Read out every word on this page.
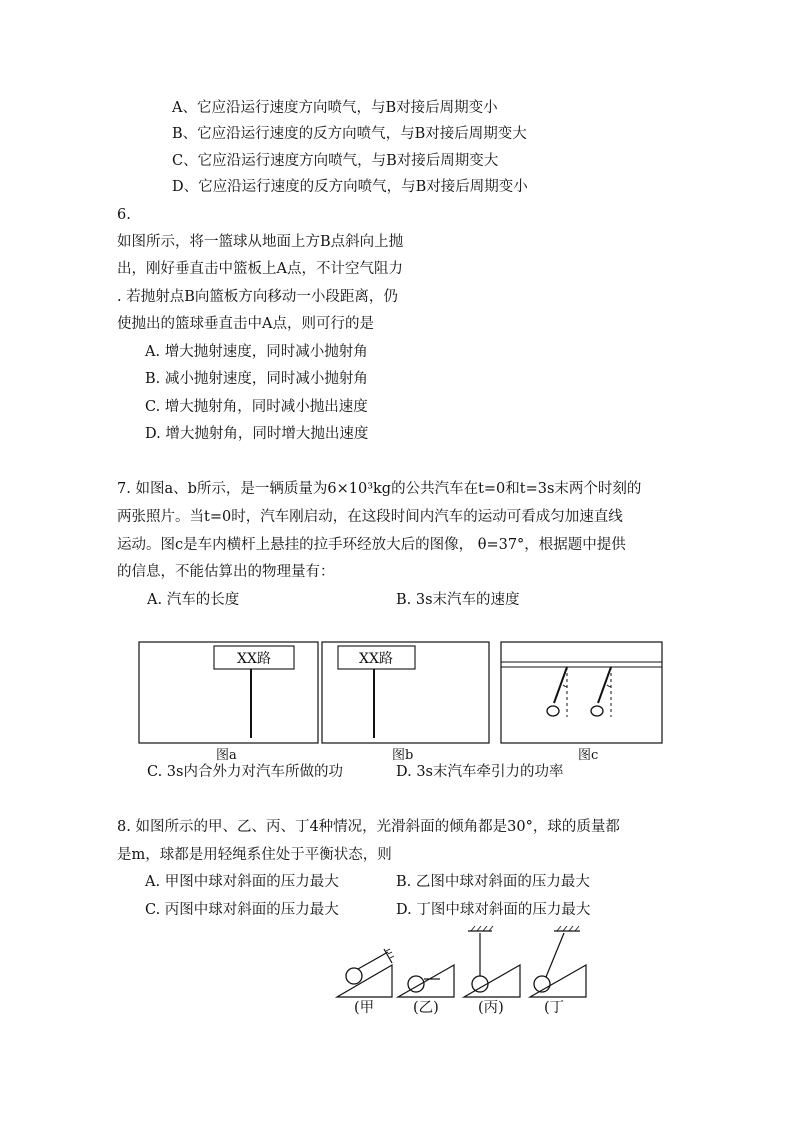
A、它应沿运行速度方向喷气，与B对接后周期变小
B、它应沿运行速度的反方向喷气，与B对接后周期变大
C、它应沿运行速度方向喷气，与B对接后周期变大
D、它应沿运行速度的反方向喷气，与B对接后周期变小
6.
如图所示，将一篮球从地面上方B点斜向上抛
出，刚好垂直击中篮板上A点，不计空气阻力
. 若抛射点B向篮板方向移动一小段距离，仍
使抛出的篮球垂直击中A点，则可行的是
A. 增大抛射速度，同时减小抛射角
B. 减小抛射速度，同时减小抛射角
C. 增大抛射角，同时减小抛出速度
D. 增大抛射角，同时增大抛出速度
7. 如图a、b所示，是一辆质量为6×10³kg的公共汽车在t=0和t=3s末两个时刻的
两张照片。当t=0时，汽车刚启动，在这段时间内汽车的运动可看成匀加速直线
运动。图c是车内横杆上悬挂的拉手环经放大后的图像， θ=37°，根据题中提供
的信息，不能估算出的物理量有：
A. 汽车的长度	B. 3s末汽车的速度
XX路
图a
XX路
图b	图c
C. 3s内合外力对汽车所做的功	D. 3s末汽车牵引力的功率
8. 如图所示的甲、乙、丙、丁4种情况，光滑斜面的倾角都是30°，球的质量都
是m，球都是用轻绳系住处于平衡状态，则
A. 甲图中球对斜面的压力最大	B. 乙图中球对斜面的压力最大
C. 丙图中球对斜面的压力最大	D. 丁图中球对斜面的压力最大
(甲	(乙)	(丙)	(丁
